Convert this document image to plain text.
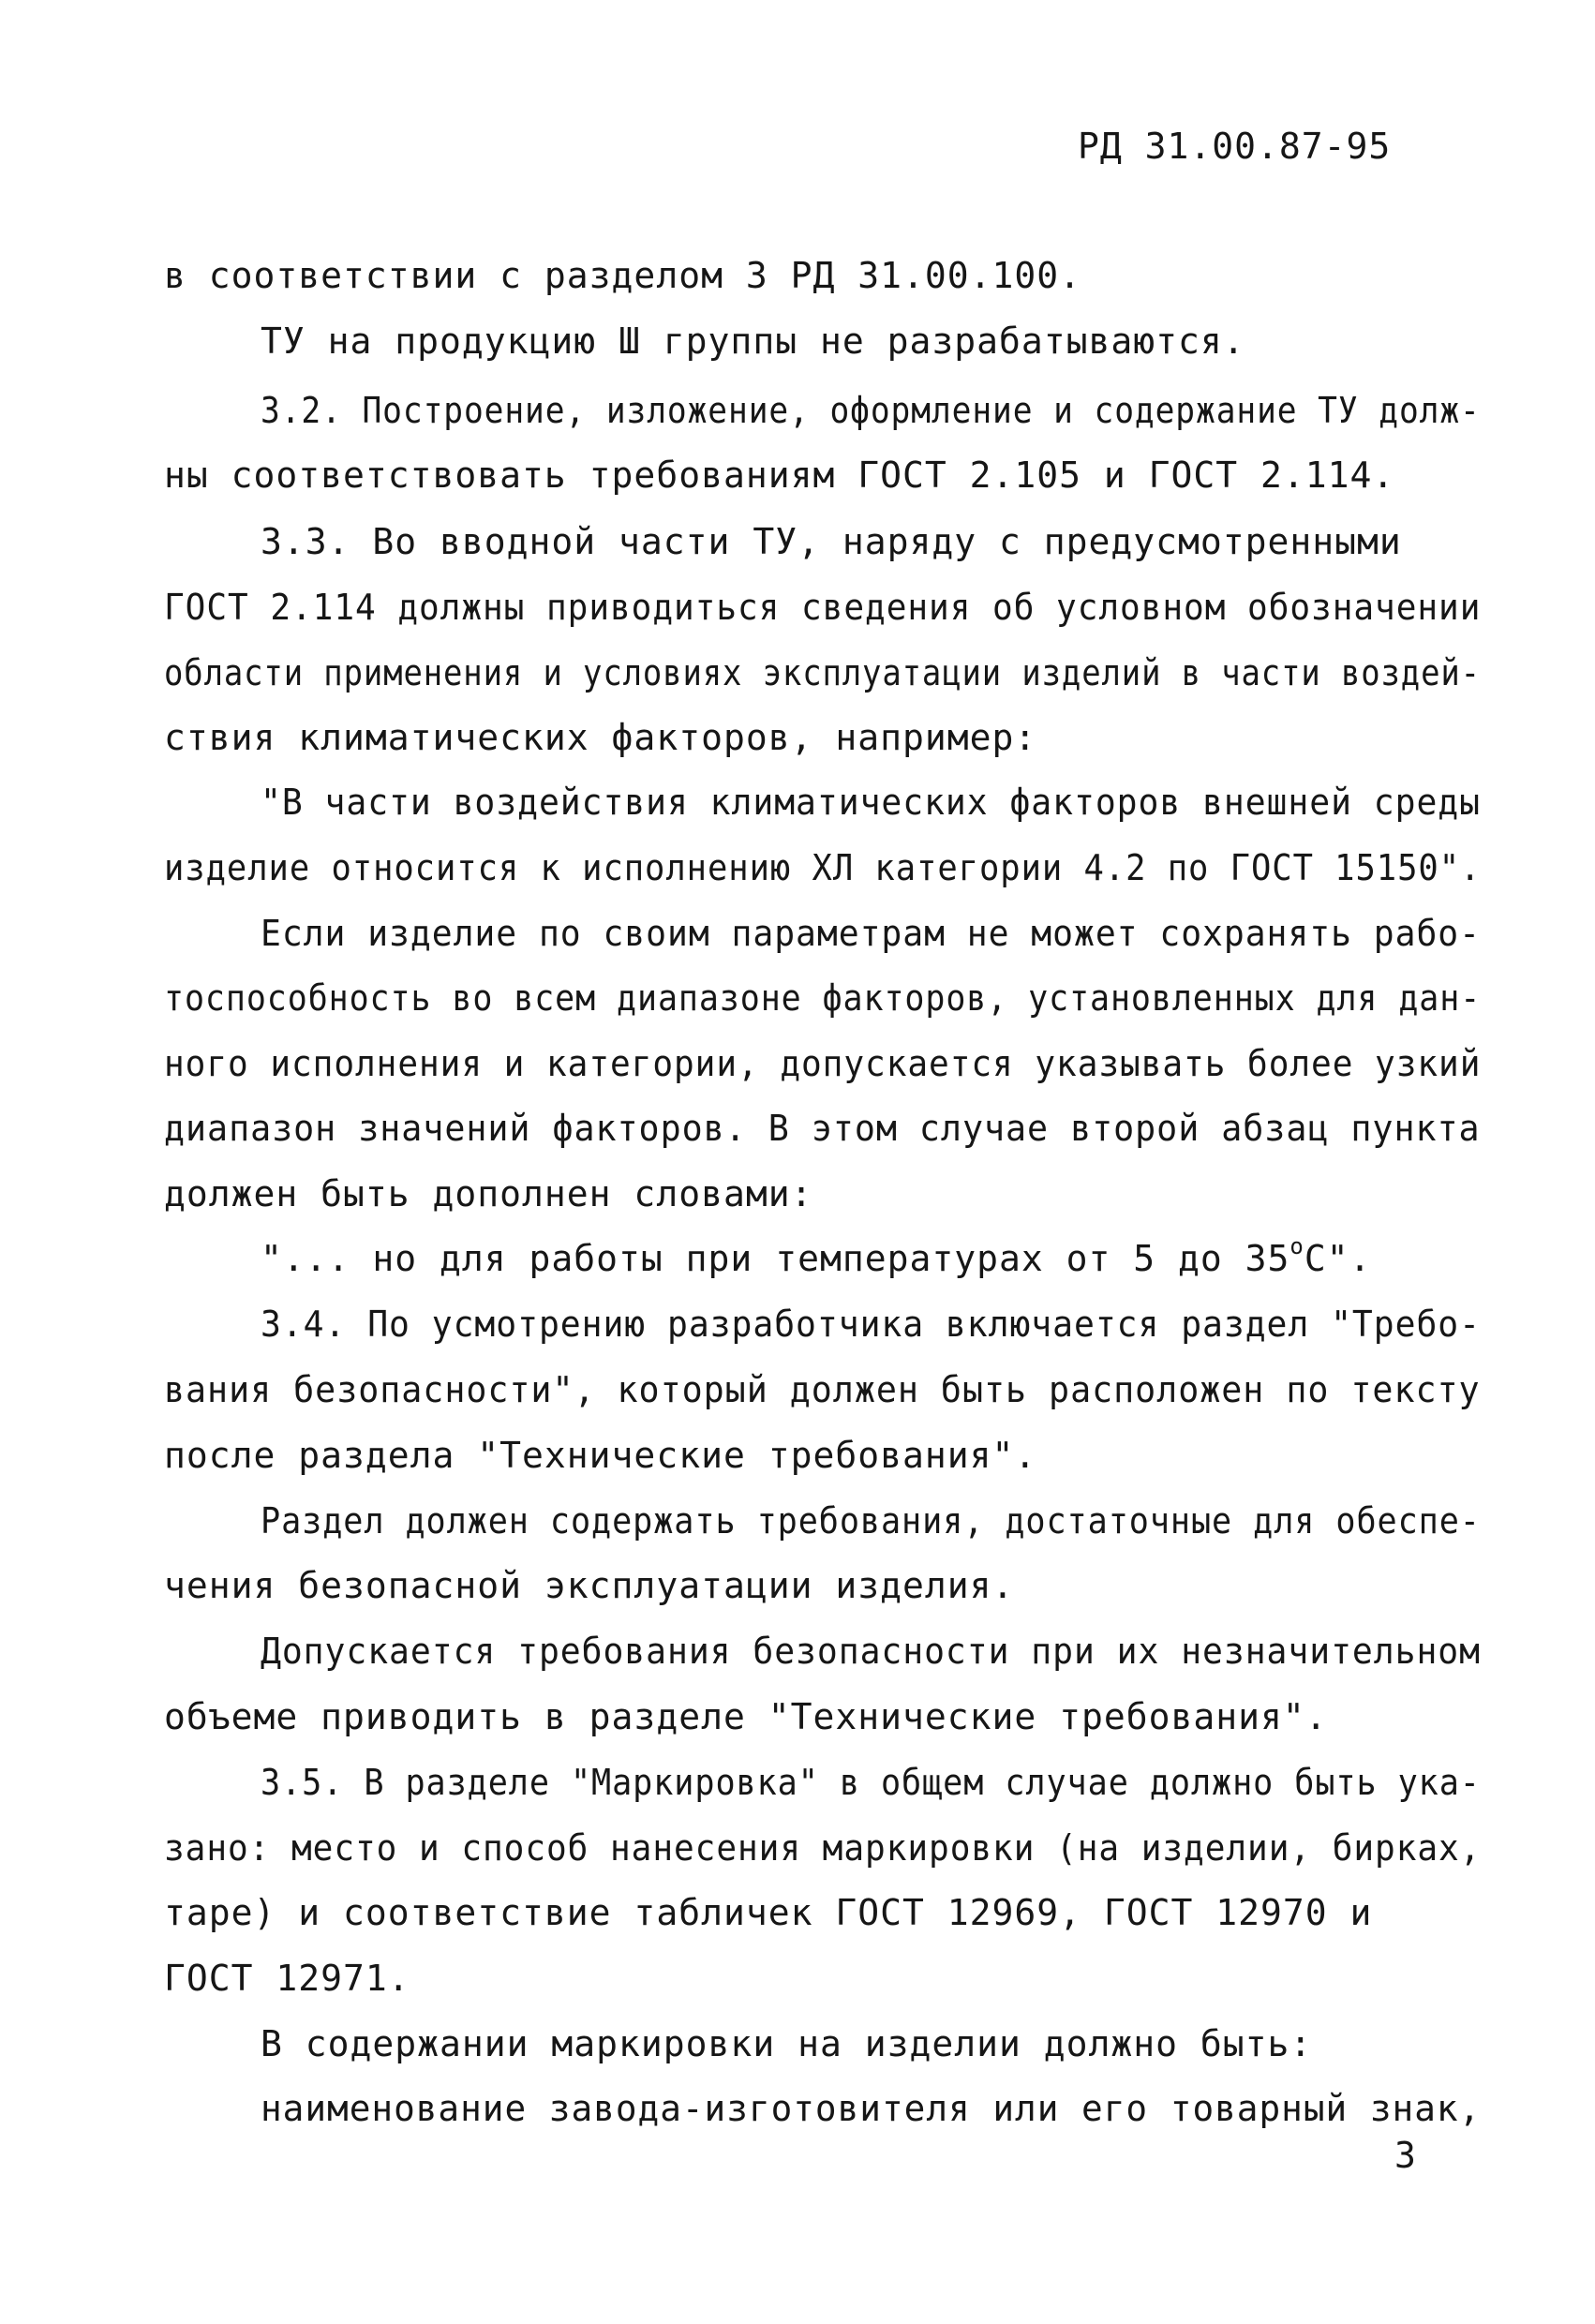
РД 31.00.87-95
в соответствии с разделом 3 РД 31.00.100.
ТУ на продукцию Ш группы не разрабатываются.
3.2. Построение, изложение, оформление и содержание ТУ долж-
ны соответствовать требованиям ГОСТ 2.105 и ГОСТ 2.114.
3.3. Во вводной части ТУ, наряду с предусмотренными
ГОСТ 2.114 должны приводиться сведения об условном обозначении
области применения и условиях эксплуатации изделий в части воздей-
ствия климатических факторов, например:
"В части воздействия климатических факторов внешней среды
изделие относится к исполнению ХЛ категории 4.2 по ГОСТ 15150".
Если изделие по своим параметрам не может сохранять рабо-
тоспособность во всем диапазоне факторов, установленных для дан-
ного исполнения и категории, допускается указывать более узкий
диапазон значений факторов. В этом случае второй абзац пункта
должен быть дополнен словами:
"... но для работы при температурах от 5 до $35^оС$".
3.4. По усмотрению разработчика включается раздел "Требо-
вания безопасности", который должен быть расположен по тексту
после раздела "Технические требования".
Раздел должен содержать требования, достаточные для обеспе-
чения безопасной эксплуатации изделия.
Допускается требования безопасности при их незначительном
объеме приводить в разделе "Технические требования".
3.5. В разделе "Маркировка" в общем случае должно быть ука-
зано: место и способ нанесения маркировки (на изделии, бирках,
таре) и соответствие табличек ГОСТ 12969, ГОСТ 12970 и
ГОСТ 12971.
В содержании маркировки на изделии должно быть:
наименование завода-изготовителя или его товарный знак,
3
